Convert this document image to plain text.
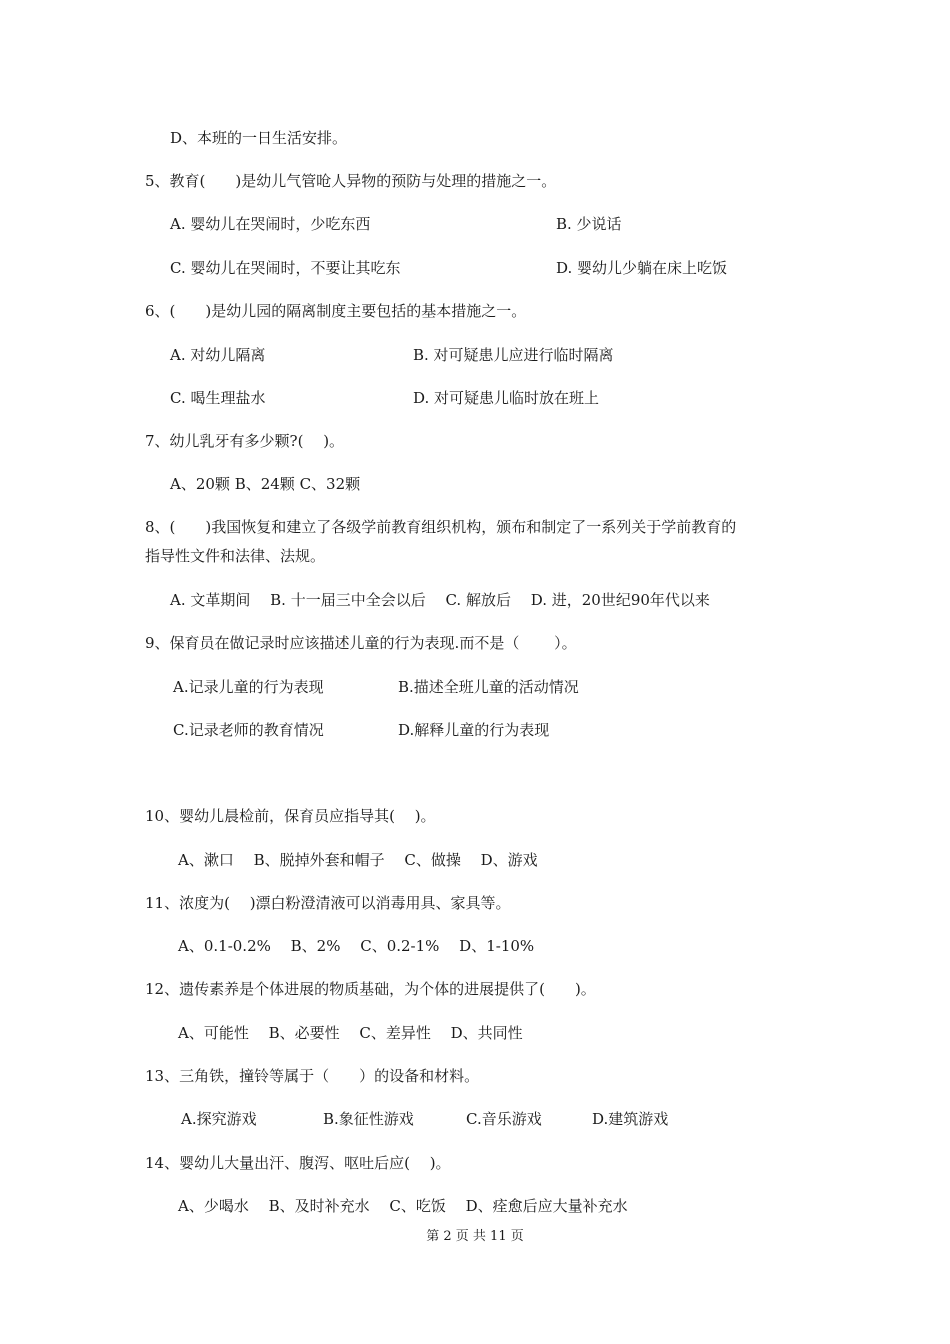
D、本班的一日生活安排。
5、教育(　　)是幼儿气管呛人异物的预防与处理的措施之一。
A. 婴幼儿在哭闹时，少吃东西	B. 少说话
C. 婴幼儿在哭闹时，不要让其吃东	D. 婴幼儿少躺在床上吃饭
6、(　　)是幼儿园的隔离制度主要包括的基本措施之一。
A. 对幼儿隔离	B. 对可疑患儿应进行临时隔离
C. 喝生理盐水	D. 对可疑患儿临时放在班上
7、幼儿乳牙有多少颗?(　 )。
A、20颗 B、24颗 C、32颗
8、(　　)我国恢复和建立了各级学前教育组织机构，颁布和制定了一系列关于学前教育的
指导性文件和法律、法规。
A. 文革期间　 B. 十一届三中全会以后　 C. 解放后　 D. 进，20世纪90年代以来
9、保育员在做记录时应该描述儿童的行为表现.而不是（　　 ）。
A.记录儿童的行为表现	B.描述全班儿童的活动情况
C.记录老师的教育情况	D.解释儿童的行为表现
10、婴幼儿晨检前，保育员应指导其(　 )。
A、漱口　 B、脱掉外套和帽子　 C、做操　 D、游戏
11、浓度为(　 )漂白粉澄清液可以消毒用具、家具等。
A、0.1-0.2%　 B、2%　 C、0.2-1%　 D、1-10%
12、遗传素养是个体进展的物质基础，为个体的进展提供了(　　)。
A、可能性　 B、必要性　 C、差异性　 D、共同性
13、三角铁，撞铃等属于（　　）的设备和材料。
A.探究游戏	B.象征性游戏	C.音乐游戏	D.建筑游戏
14、婴幼儿大量出汗、腹泻、呕吐后应(　 )。
A、少喝水　 B、及时补充水　 C、吃饭　 D、痊愈后应大量补充水
第 2 页 共 11 页
